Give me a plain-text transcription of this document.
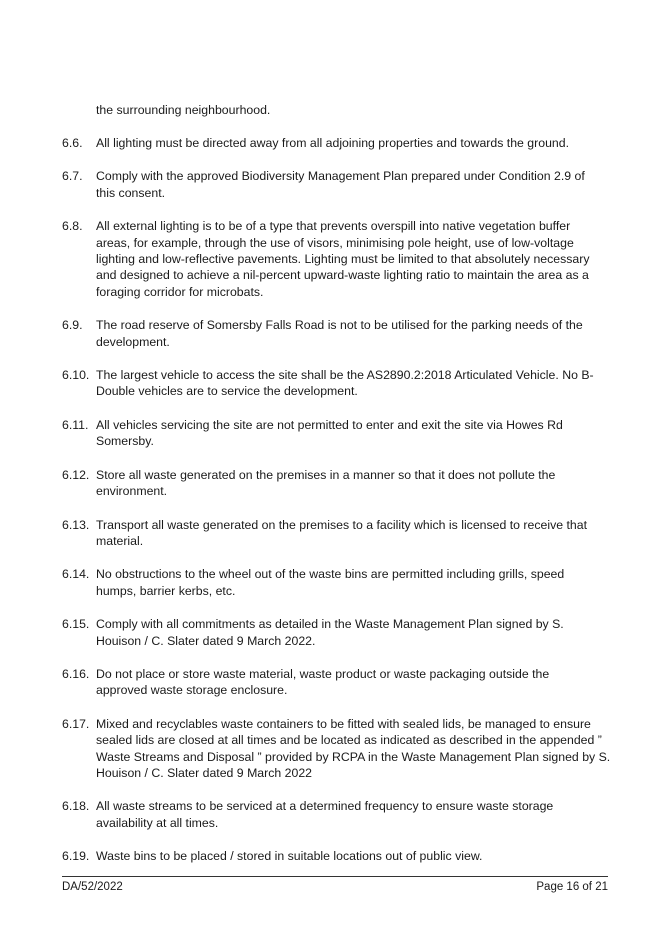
the surrounding neighbourhood.
6.6.	All lighting must be directed away from all adjoining properties and towards the ground.
6.7.	Comply with the approved Biodiversity Management Plan prepared under Condition 2.9 of
this consent.
6.8.	All external lighting is to be of a type that prevents overspill into native vegetation buffer
areas, for example, through the use of visors, minimising pole height, use of low-voltage
lighting and low-reflective pavements. Lighting must be limited to that absolutely necessary
and designed to achieve a nil-percent upward-waste lighting ratio to maintain the area as a
foraging corridor for microbats.
6.9.	The road reserve of Somersby Falls Road is not to be utilised for the parking needs of the
development.
6.10. The largest vehicle to access the site shall be the AS2890.2:2018 Articulated Vehicle. No B-
Double vehicles are to service the development.
6.11. All vehicles servicing the site are not permitted to enter and exit the site via Howes Rd
Somersby.
6.12. Store all waste generated on the premises in a manner so that it does not pollute the
environment.
6.13. Transport all waste generated on the premises to a facility which is licensed to receive that
material.
6.14. No obstructions to the wheel out of the waste bins are permitted including grills, speed
humps, barrier kerbs, etc.
6.15. Comply with all commitments as detailed in the Waste Management Plan signed by S.
Houison / C. Slater dated 9 March 2022.
6.16. Do not place or store waste material, waste product or waste packaging outside the
approved waste storage enclosure.
6.17. Mixed and recyclables waste containers to be fitted with sealed lids, be managed to ensure
sealed lids are closed at all times and be located as indicated as described in the appended ”
Waste Streams and Disposal ” provided by RCPA in the Waste Management Plan signed by S.
Houison / C. Slater dated 9 March 2022
6.18. All waste streams to be serviced at a determined frequency to ensure waste storage
availability at all times.
6.19. Waste bins to be placed / stored in suitable locations out of public view.
DA/52/2022	Page 16 of 21
